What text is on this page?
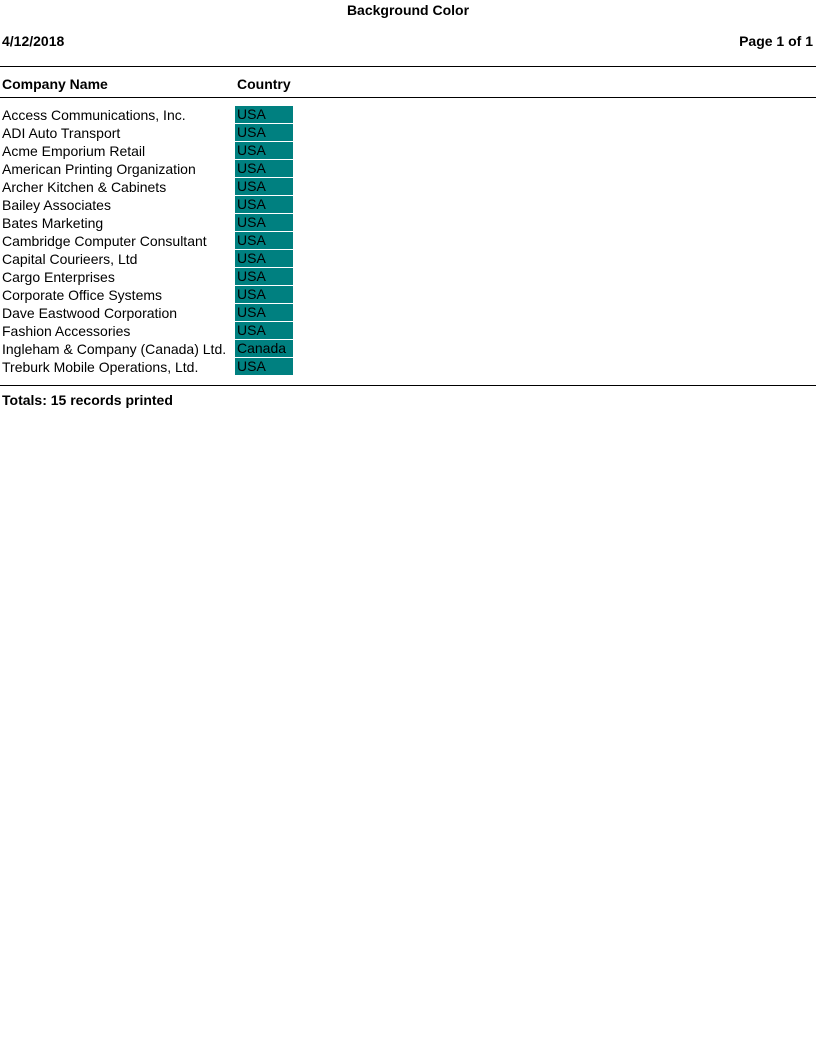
Background Color
4/12/2018	Page 1 of 1
Company Name	Country
Access Communications, Inc.	USA
ADI Auto Transport	USA
Acme Emporium Retail	USA
American Printing Organization	USA
Archer Kitchen & Cabinets	USA
Bailey Associates	USA
Bates Marketing	USA
Cambridge Computer Consultant USA
Capital Courieers, Ltd	USA
Cargo Enterprises	USA
Corporate Office Systems	USA
Dave Eastwood Corporation	USA
Fashion Accessories	USA
Ingleham & Company (Canada) Ltd. Canada
Treburk Mobile Operations, Ltd.	USA
Totals: 15 records printed
